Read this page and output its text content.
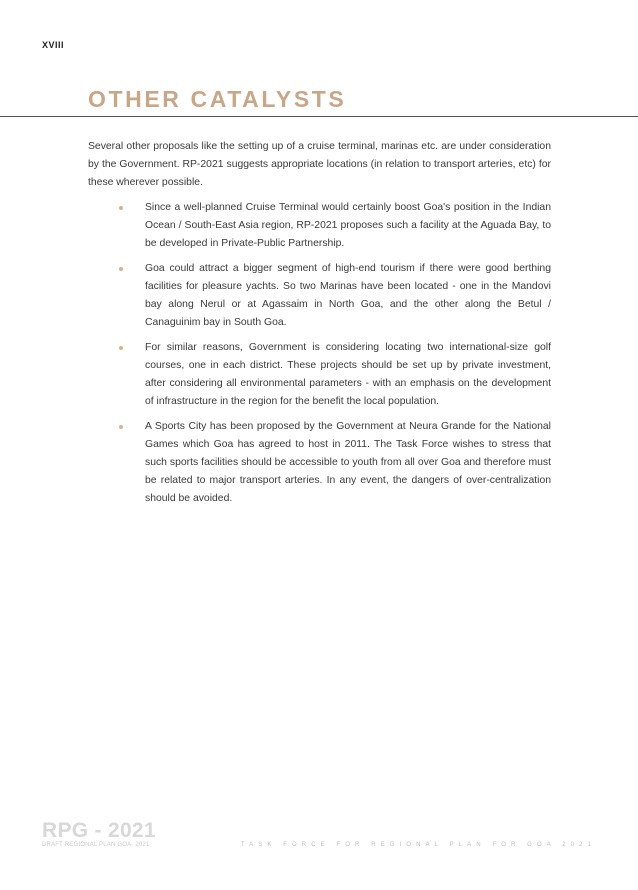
XVIII
OTHER CATALYSTS

Several other proposals like the setting up of a cruise terminal, marinas etc. are under consideration by the Government. RP-2021 suggests appropriate locations (in relation to transport arteries, etc) for these wherever possible.

Since a well-planned Cruise Terminal would certainly boost Goa's position in the Indian Ocean / South-East Asia region, RP-2021 proposes such a facility at the Aguada Bay, to be developed in Private-Public Partnership.
Goa could attract a bigger segment of high-end tourism if there were good berthing facilities for pleasure yachts. So two Marinas have been located - one in the Mandovi bay along Nerul or at Agassaim in North Goa, and the other along the Betul / Canaguinim bay in South Goa.
For similar reasons, Government is considering locating two international-size golf courses, one in each district. These projects should be set up by private investment, after considering all environmental parameters - with an emphasis on the development of infrastructure in the region for the benefit the local population.
A Sports City has been proposed by the Government at Neura Grande for the National Games which Goa has agreed to host in 2011. The Task Force wishes to stress that such sports facilities should be accessible to youth from all over Goa and therefore must be related to major transport arteries. In any event, the dangers of over-centralization should be avoided.
RPG - 2021
DRAFT REGIONAL PLAN GOA- 2021	TASK FORCE FOR REGIONAL PLAN FOR GOA 2021
